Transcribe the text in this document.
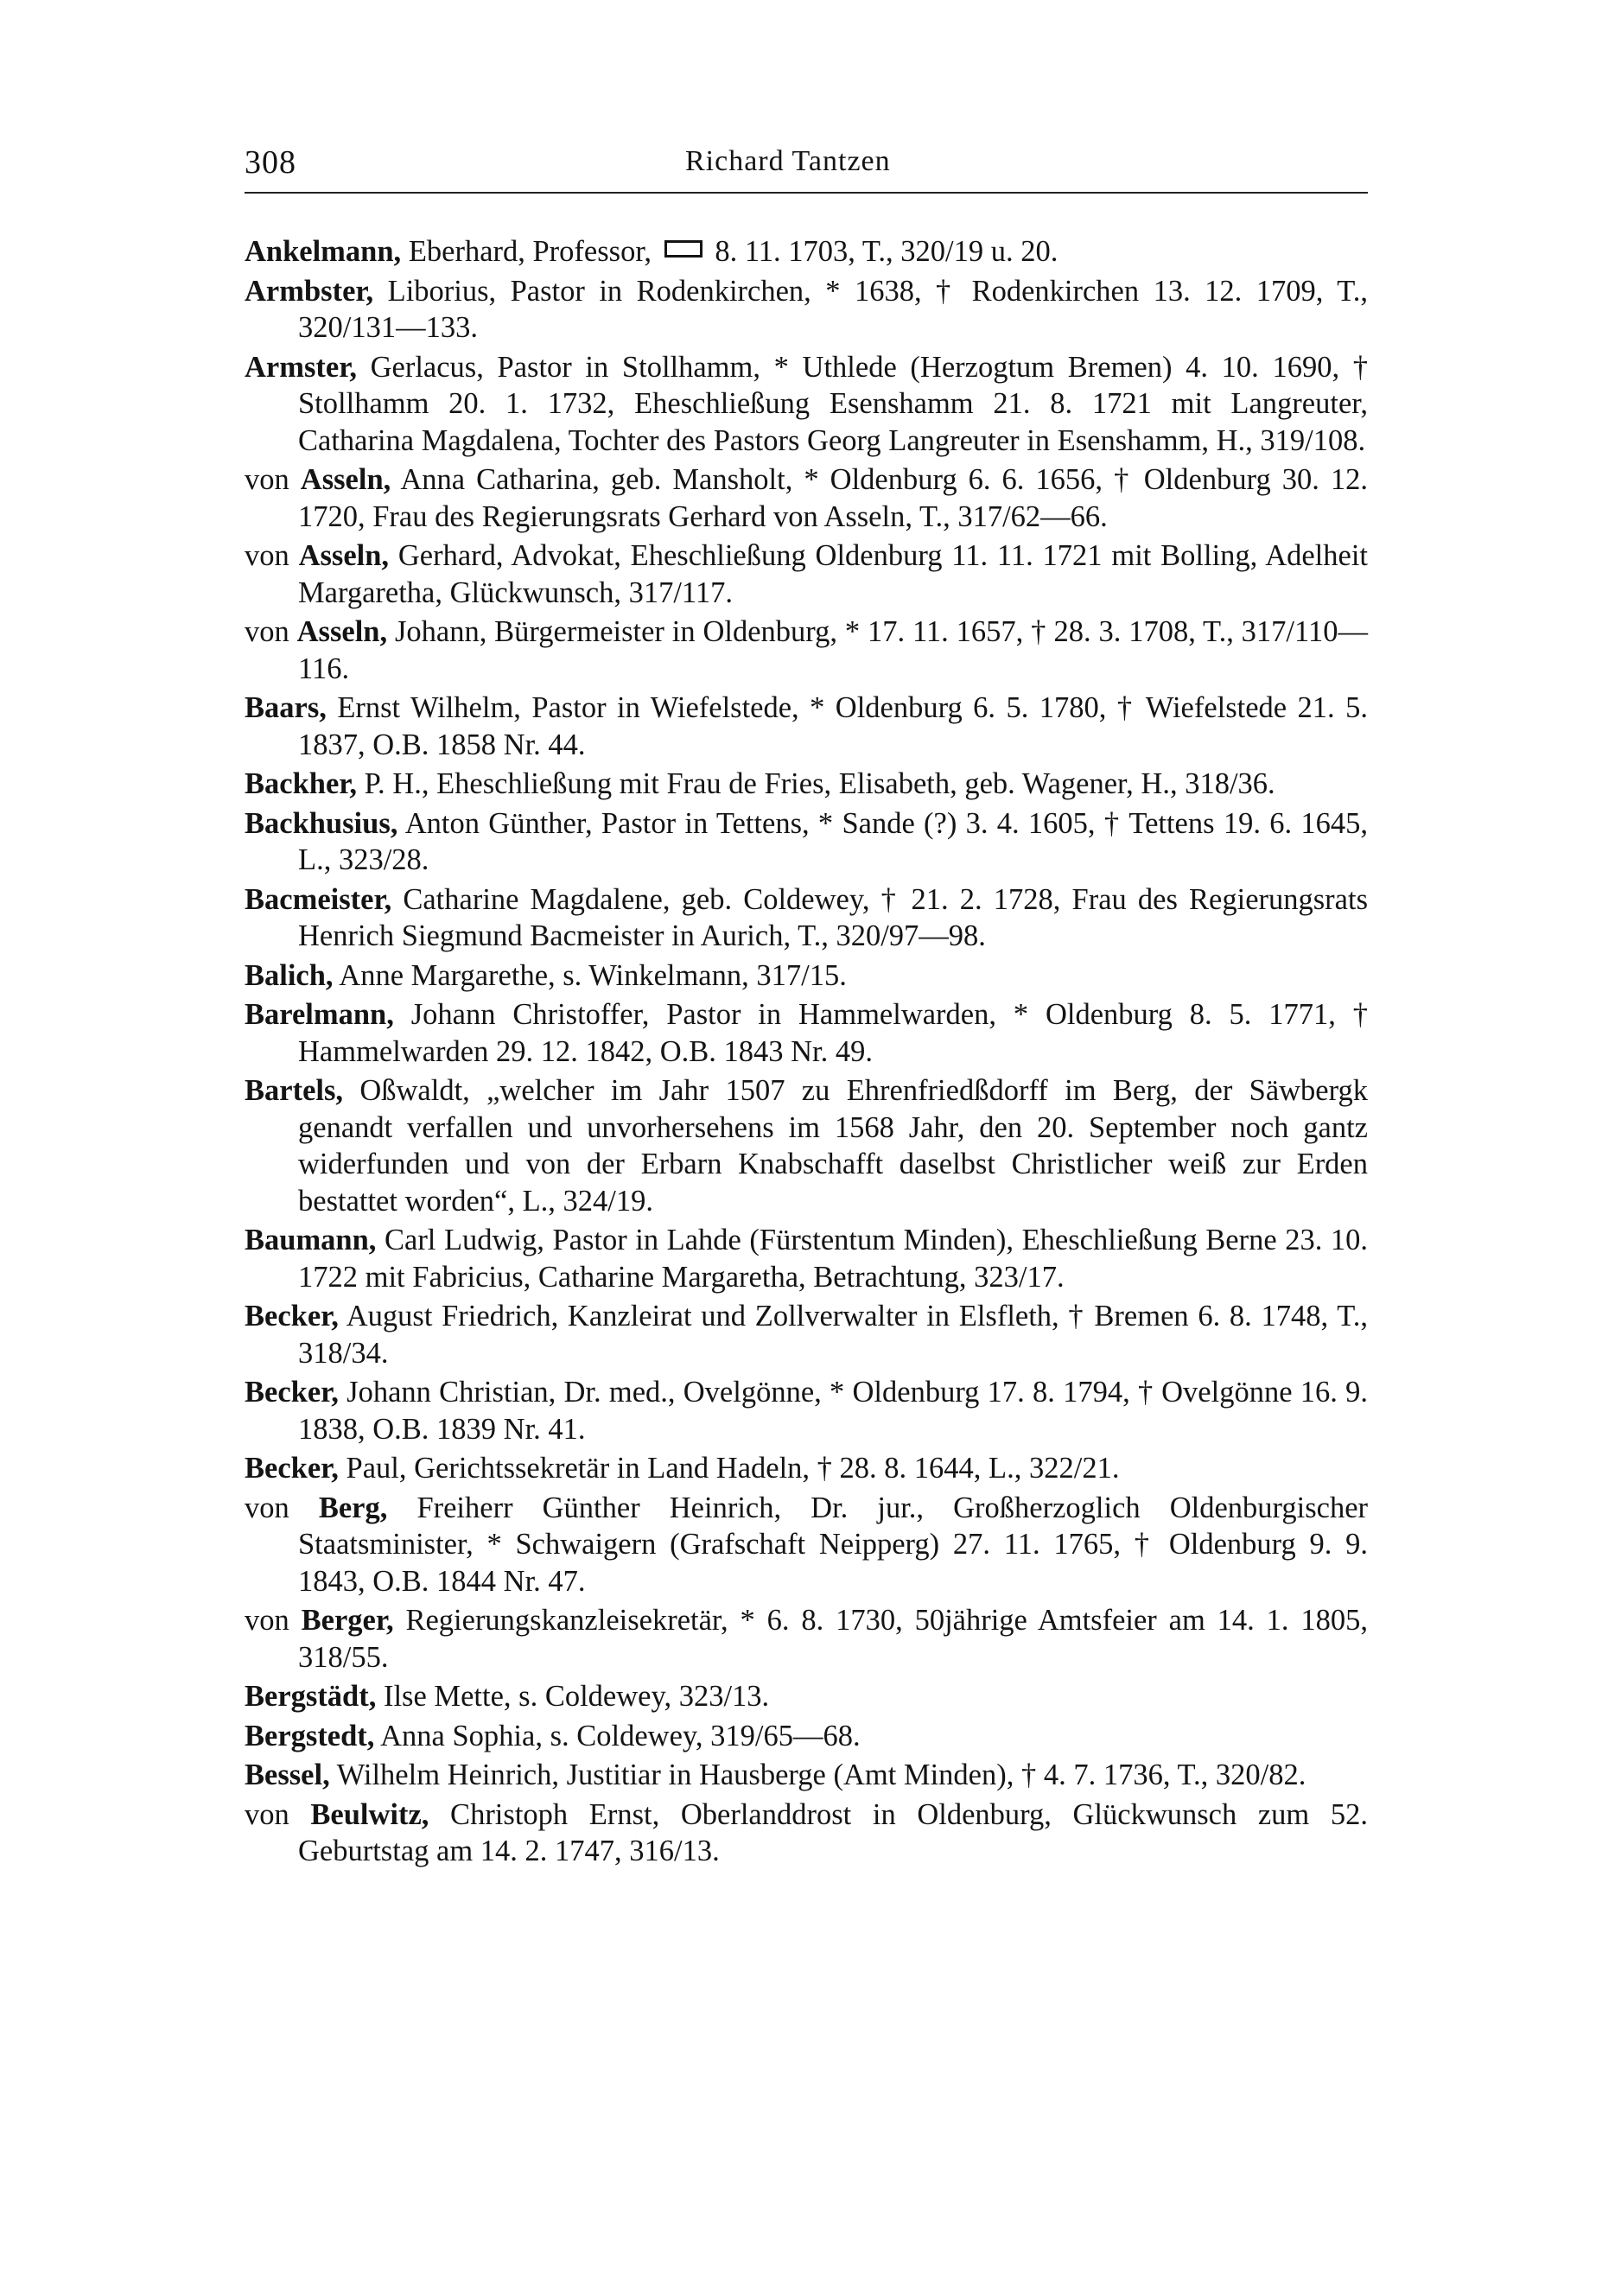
308	Richard Tantzen

Ankelmann, Eberhard, Professor,  8. 11. 1703, T., 320/19 u. 20.

Armbster, Liborius, Pastor in Rodenkirchen, * 1638, † Rodenkirchen 13. 12. 1709, T., 320/131—133.

Armster, Gerlacus, Pastor in Stollhamm, * Uthlede (Herzogtum Bremen) 4. 10. 1690, † Stollhamm 20. 1. 1732, Eheschließung Esenshamm 21. 8. 1721 mit Langreuter, Catharina Magdalena, Tochter des Pastors Georg Langreuter in Esenshamm, H., 319/108.

von Asseln, Anna Catharina, geb. Mansholt, * Oldenburg 6. 6. 1656, † Oldenburg 30. 12. 1720, Frau des Regierungsrats Gerhard von Asseln, T., 317/62—66.

von Asseln, Gerhard, Advokat, Eheschließung Oldenburg 11. 11. 1721 mit Bolling, Adelheit Margaretha, Glückwunsch, 317/117.

von Asseln, Johann, Bürgermeister in Oldenburg, * 17. 11. 1657, † 28. 3. 1708, T., 317/110—116.

Baars, Ernst Wilhelm, Pastor in Wiefelstede, * Oldenburg 6. 5. 1780, † Wiefelstede 21. 5. 1837, O.B. 1858 Nr. 44.

Backher, P. H., Eheschließung mit Frau de Fries, Elisabeth, geb. Wagener, H., 318/36.

Backhusius, Anton Günther, Pastor in Tettens, * Sande (?) 3. 4. 1605, † Tettens 19. 6. 1645, L., 323/28.

Bacmeister, Catharine Magdalene, geb. Coldewey, † 21. 2. 1728, Frau des Regierungsrats Henrich Siegmund Bacmeister in Aurich, T., 320/97—98.

Balich, Anne Margarethe, s. Winkelmann, 317/15.

Barelmann, Johann Christoffer, Pastor in Hammelwarden, * Oldenburg 8. 5. 1771, † Hammelwarden 29. 12. 1842, O.B. 1843 Nr. 49.

Bartels, Oßwaldt, „welcher im Jahr 1507 zu Ehrenfriedßdorff im Berg, der Säwbergk genandt verfallen und unvorhersehens im 1568 Jahr, den 20. September noch gantz widerfunden und von der Erbarn Knabschafft daselbst Christlicher weiß zur Erden bestattet worden“, L., 324/19.

Baumann, Carl Ludwig, Pastor in Lahde (Fürstentum Minden), Eheschließung Berne 23. 10. 1722 mit Fabricius, Catharine Margaretha, Betrachtung, 323/17.

Becker, August Friedrich, Kanzleirat und Zollverwalter in Elsfleth, † Bremen 6. 8. 1748, T., 318/34.

Becker, Johann Christian, Dr. med., Ovelgönne, * Oldenburg 17. 8. 1794, † Ovelgönne 16. 9. 1838, O.B. 1839 Nr. 41.

Becker, Paul, Gerichtssekretär in Land Hadeln, † 28. 8. 1644, L., 322/21.

von Berg, Freiherr Günther Heinrich, Dr. jur., Großherzoglich Oldenburgischer Staatsminister, * Schwaigern (Grafschaft Neipperg) 27. 11. 1765, † Oldenburg 9. 9. 1843, O.B. 1844 Nr. 47.

von Berger, Regierungskanzleisekretär, * 6. 8. 1730, 50jährige Amtsfeier am 14. 1. 1805, 318/55.

Bergstädt, Ilse Mette, s. Coldewey, 323/13.

Bergstedt, Anna Sophia, s. Coldewey, 319/65—68.

Bessel, Wilhelm Heinrich, Justitiar in Hausberge (Amt Minden), † 4. 7. 1736, T., 320/82.

von Beulwitz, Christoph Ernst, Oberlanddrost in Oldenburg, Glückwunsch zum 52. Geburtstag am 14. 2. 1747, 316/13.
